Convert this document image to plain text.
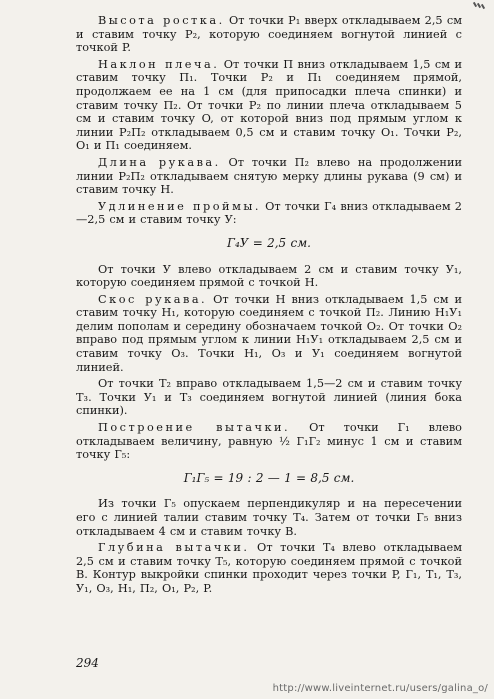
Высота ростка. От точки P₁ вверх откладываем 2,5 см и ставим точку P₂, которую соединяем вогнутой линией с точкой P.

Наклон плеча. От точки П вниз откладываем 1,5 см и ставим точку П₁. Точки P₂ и П₁ соединяем прямой, продолжаем ее на 1 см (для припосадки плеча спинки) и ставим точку П₂. От точки P₂ по линии плеча откладываем 5 см и ставим точку O, от которой вниз под прямым углом к линии P₂П₂ откладываем 0,5 см и ставим точку O₁. Точки P₂, O₁ и П₁ соединяем.

Длина рукава. От точки П₂ влево на продолжении линии P₂П₂ откладываем снятую мерку длины рукава (9 см) и ставим точку H.

Удлинение проймы. От точки Г₄ вниз откладываем 2—2,5 см и ставим точку У:

Г₄У = 2,5 см.

От точки У влево откладываем 2 см и ставим точку У₁, которую соединяем прямой с точкой H.

Скос рукава. От точки H вниз откладываем 1,5 см и ставим точку H₁, которую соединяем с точкой П₂. Линию H₁У₁ делим пополам и середину обозначаем точкой O₂. От точки O₂ вправо под прямым углом к линии H₁У₁ откладываем 2,5 см и ставим точку O₃. Точки H₁, O₃ и У₁ соединяем вогнутой линией.

От точки T₂ вправо откладываем 1,5—2 см и ставим точку T₃. Точки У₁ и T₃ соединяем вогнутой линией (линия бока спинки).

Построение вытачки. От точки Г₁ влево откладываем величину, равную ½ Г₁Г₂ минус 1 см и ставим точку Г₅:

Г₁Г₅ = 19 : 2 — 1 = 8,5 см.

Из точки Г₅ опускаем перпендикуляр и на пересечении его с линией талии ставим точку T₄. Затем от точки Г₅ вниз откладываем 4 см и ставим точку B.

Глубина вытачки. От точки T₄ влево откладываем 2,5 см и ставим точку T₅, которую соединяем прямой с точкой B. Контур выкройки спинки проходит через точки P, Г₁, T₁, T₃, У₁, O₃, H₁, П₂, O₁, P₂, P.

294
http://www.liveinternet.ru/users/galina_o/
